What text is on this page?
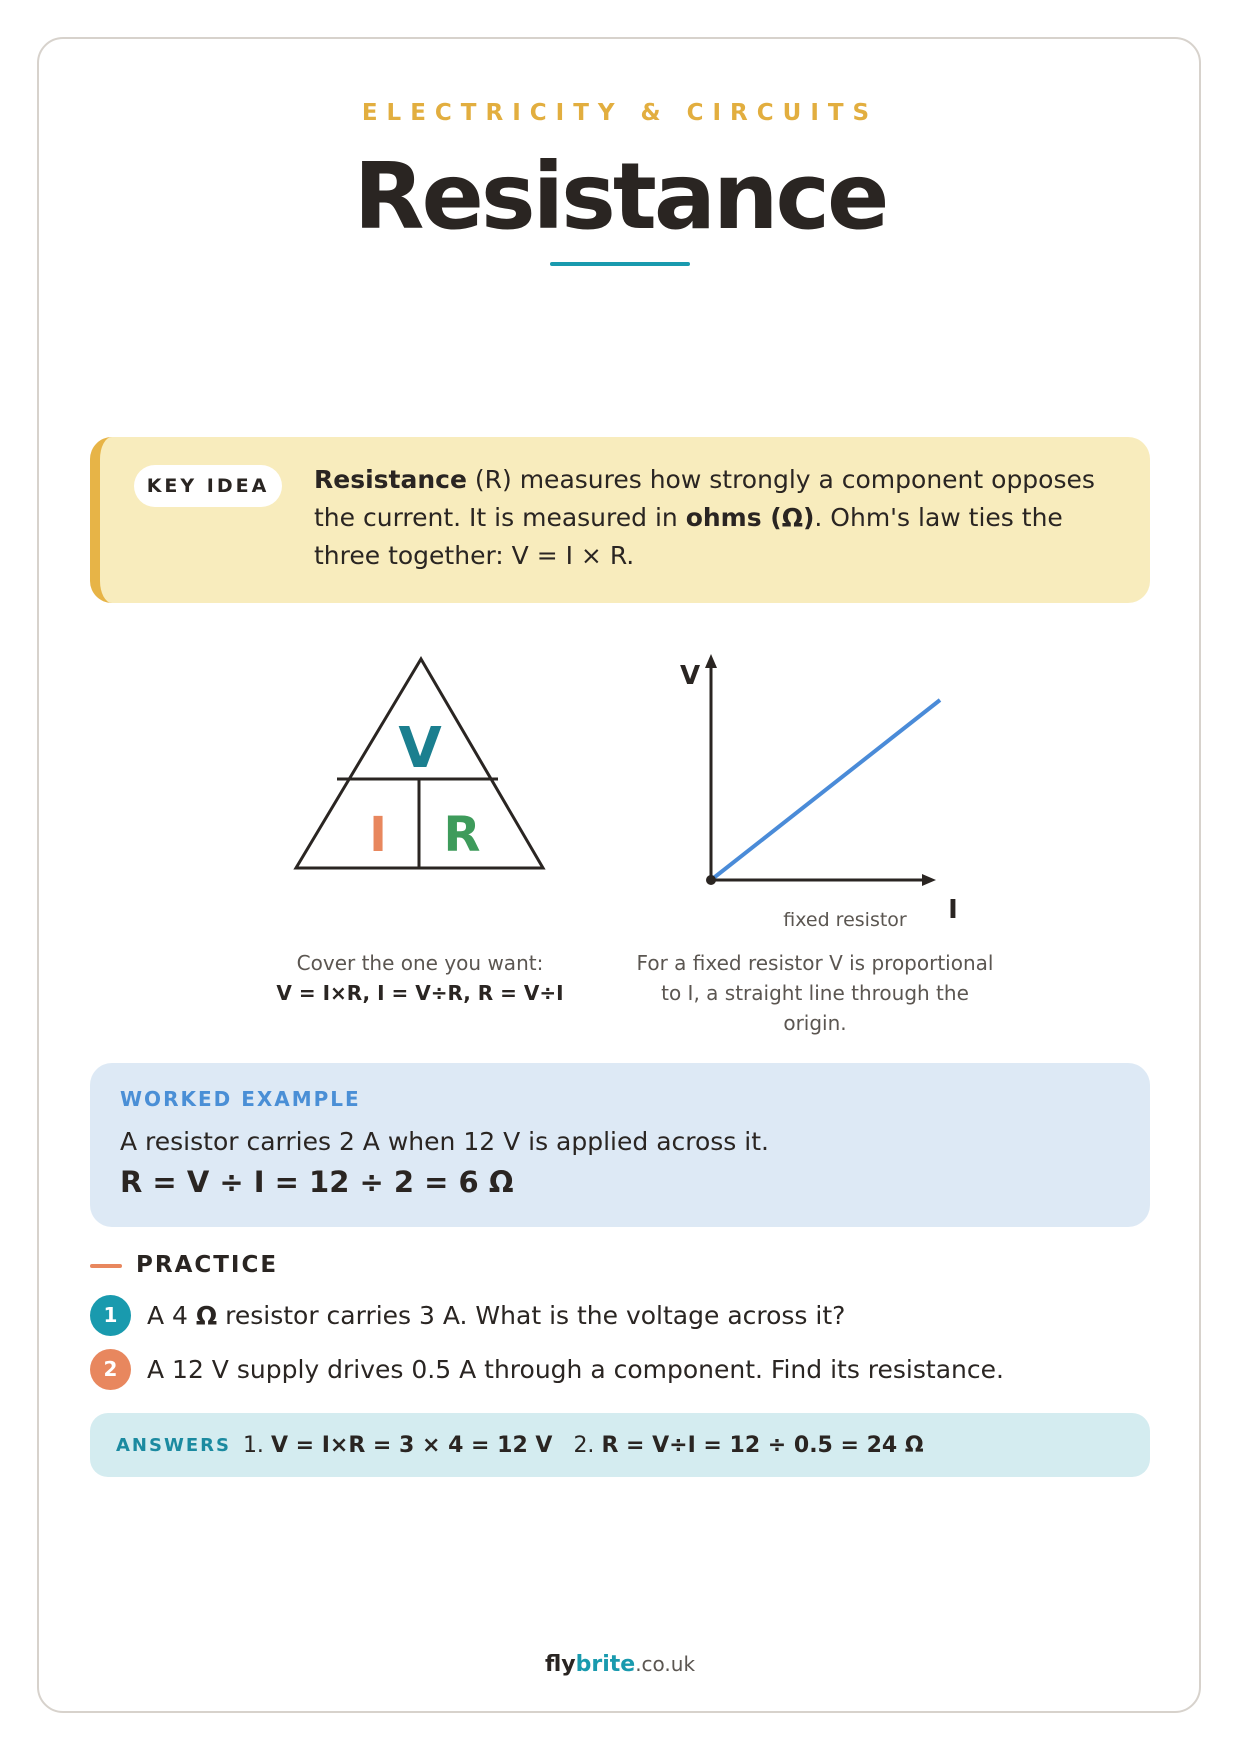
ELECTRICITY & CIRCUITS
Resistance
KEY IDEA	Resistance (R) measures how strongly a component opposes the current. It is measured in ohms (Ω). Ohm's law ties the three together: V = I × R.
V
I R
Cover the one you want:
V = I×R, I = V÷R, R = V÷I
V
I
fixed resistor
For a fixed resistor V is proportional to I, a straight line through the origin.
WORKED EXAMPLE
A resistor carries 2 A when 12 V is applied across it.
R = V ÷ I = 12 ÷ 2 = 6 Ω
PRACTICE
1	A 4 Ω resistor carries 3 A. What is the voltage across it?
2	A 12 V supply drives 0.5 A through a component. Find its resistance.
ANSWERS 1. V = I×R = 3 × 4 = 12 V 2. R = V÷I = 12 ÷ 0.5 = 24 Ω
flybrite.co.uk
